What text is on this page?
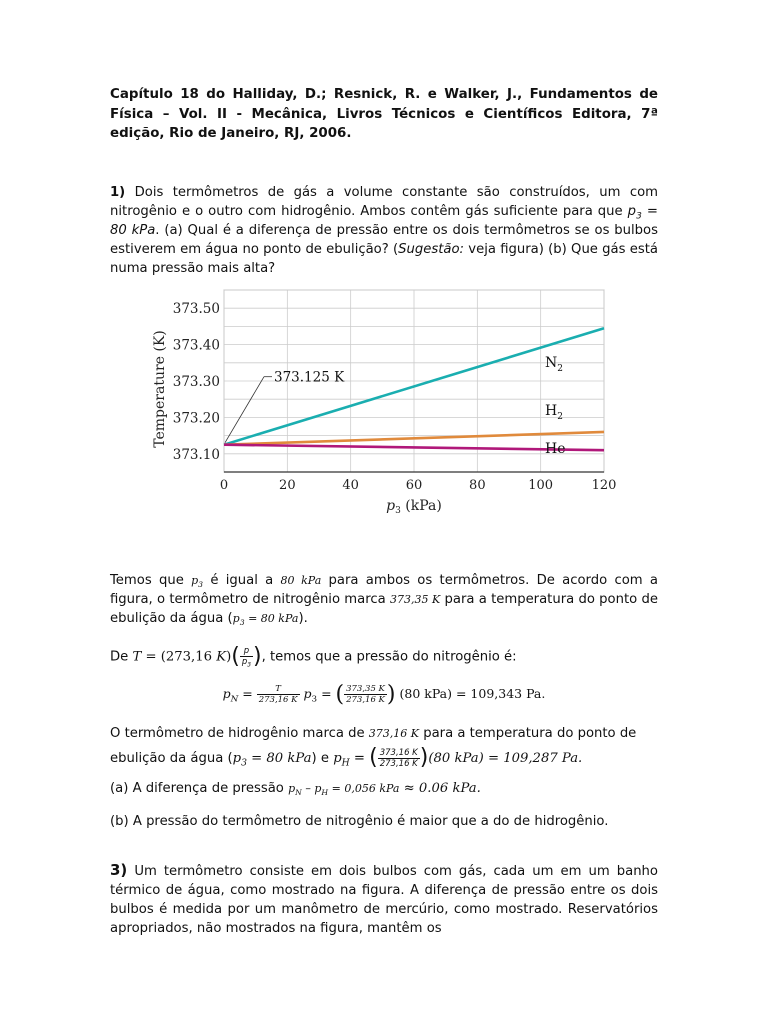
Capítulo 18 do Halliday, D.; Resnick, R. e Walker, J., Fundamentos de Física – Vol. II - Mecânica, Livros Técnicos e Científicos Editora, 7ª edição, Rio de Janeiro, RJ, 2006.
1) Dois termômetros de gás a volume constante são construídos, um com nitrogênio e o outro com hidrogênio. Ambos contêm gás suficiente para que $p_3 = 80$ kPa. (a) Qual é a diferença de pressão entre os dois termômetros se os bulbos estiverem em água no ponto de ebulição? (Sugestão: veja figura) (b) Que gás está numa pressão mais alta?
0	20	40	60	80	100	120
373.10
373.20
373.30
373.40
373.50
$p_3$ (kPa)
Temperature (K)	$N_2$
$H_2$
He
373.125 K
Temos que $p_3$ é igual a 80 kPa para ambos os termômetros. De acordo com a figura, o termômetro de nitrogênio marca 373,35 K para a temperatura do ponto de ebulição da água ($p_3 = 80$ kPa).
De T = (273,16 $K)( \frac{p}{p_3}$ ), temos que a pressão do nitrogênio é:
$p_N = \frac{T}{273,16 K} p_3$ = ( $\frac{373,35 K}{273,16 K}$ ) (80 kPa) = 109,343 Pa.
O termômetro de hidrogênio marca de 373,16 K para a temperatura do ponto de ebulição da água ($p_3 = 80$ kPa) e $p_H$ = ( $\frac{373,16 K}{273,16 K} )(80$ kPa) = 109,287 Pa.
(a) A diferença de pressão $p_N - p_H = 0,056$ kPa ≈ 0.06 kPa.
(b) A pressão do termômetro de nitrogênio é maior que a do de hidrogênio.
3) Um termômetro consiste em dois bulbos com gás, cada um em um banho térmico de água, como mostrado na figura. A diferença de pressão entre os dois bulbos é medida por um manômetro de mercúrio, como mostrado. Reservatórios apropriados, não mostrados na figura, mantêm os
